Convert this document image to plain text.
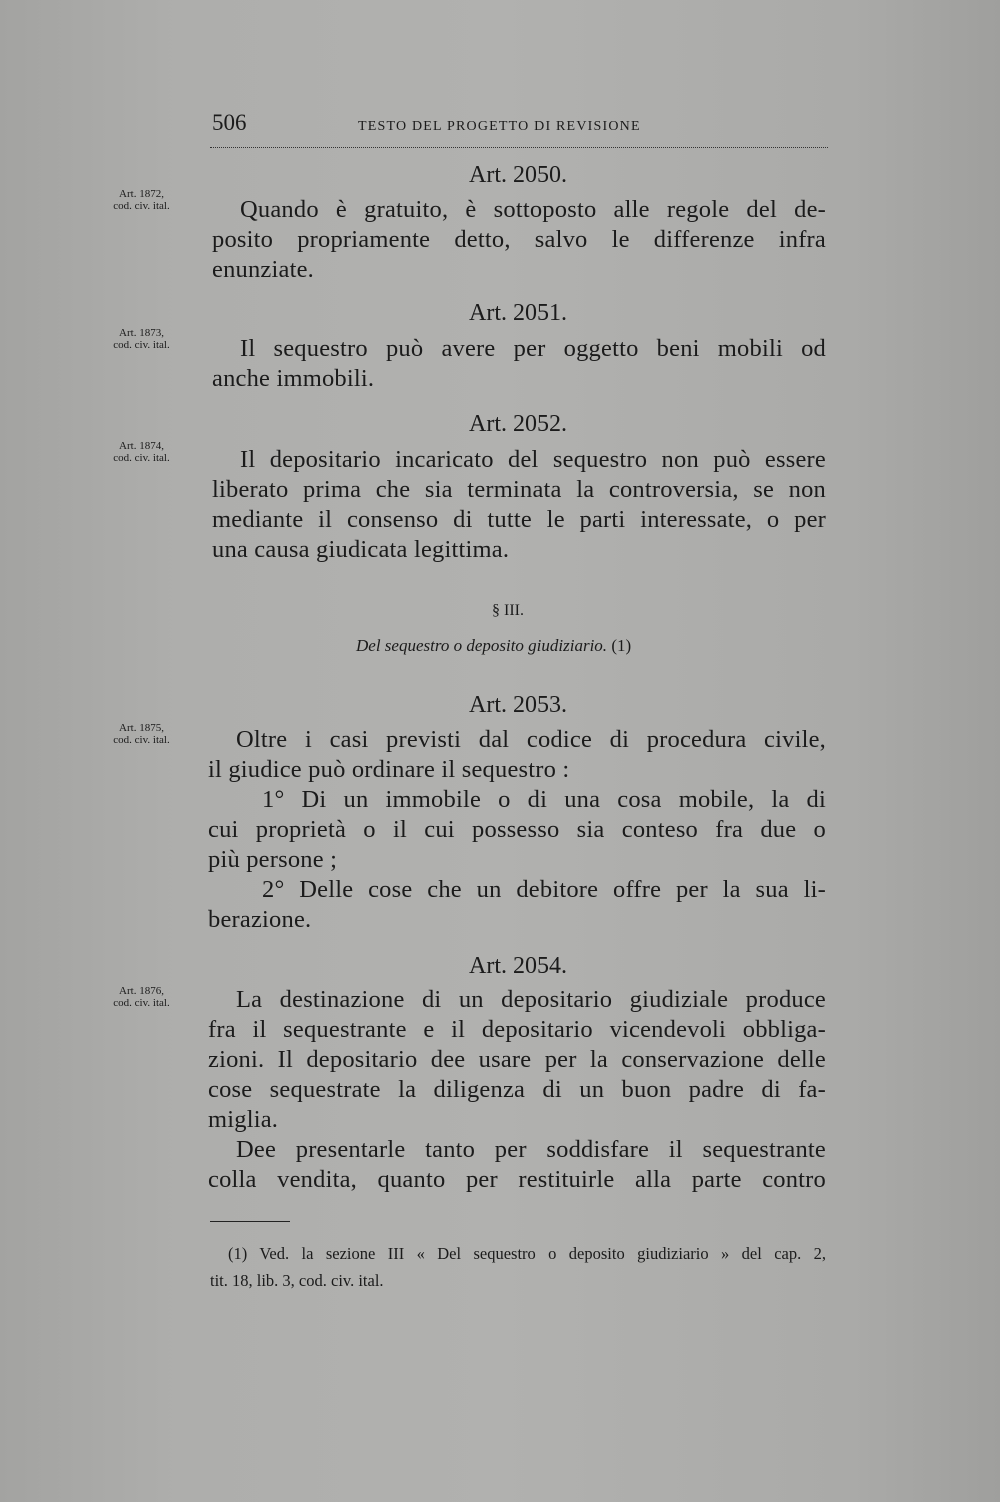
506	TESTO DEL PROGETTO DI REVISIONE
Art. 2050.
Art. 1872,
cod. civ. ital.	Quando è gratuito, è sottoposto alle regole del de-
posito propriamente detto, salvo le differenze infra
enunziate.
Art. 2051.
Art. 1873,
cod. civ. ital.	Il sequestro può avere per oggetto beni mobili od
anche immobili.
Art. 2052.
Art. 1874,
cod. civ. ital.	Il depositario incaricato del sequestro non può essere
liberato prima che sia terminata la controversia, se non
mediante il consenso di tutte le parti interessate, o per
una causa giudicata legittima.
§ III.
Del sequestro o deposito giudiziario. (1)
Art. 2053.
Art. 1875,
cod. civ. ital.	Oltre i casi previsti dal codice di procedura civile,
il giudice può ordinare il sequestro :
1° Di un immobile o di una cosa mobile, la di
cui proprietà o il cui possesso sia conteso fra due o
più persone ;
2° Delle cose che un debitore offre per la sua li-
berazione.
Art. 2054.
Art. 1876,
cod. civ. ital.	La destinazione di un depositario giudiziale produce
fra il sequestrante e il depositario vicendevoli obbliga-
zioni. Il depositario dee usare per la conservazione delle
cose sequestrate la diligenza di un buon padre di fa-
miglia.
Dee presentarle tanto per soddisfare il sequestrante
colla vendita, quanto per restituirle alla parte contro
(1) Ved. la sezione III « Del sequestro o deposito giudiziario » del cap. 2,
tit. 18, lib. 3, cod. civ. ital.
